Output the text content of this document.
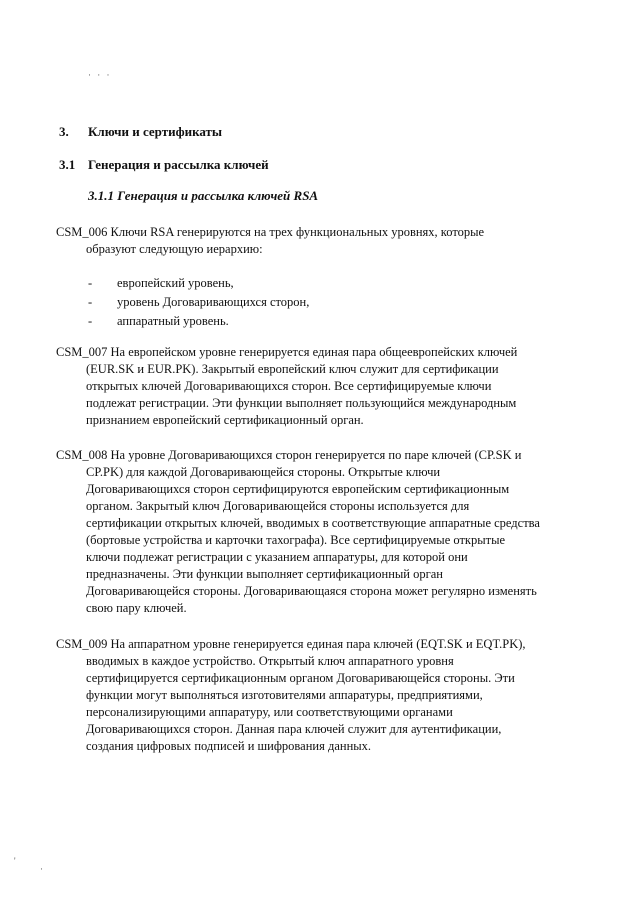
· · ·
3. Ключи и сертификаты
3.1 Генерация и рассылка ключей
3.1.1 Генерация и рассылка ключей RSA
CSM_006 Ключи RSA генерируются на трех функциональных уровнях, которые
образуют следующую иерархию:
- европейский уровень,
- уровень Договаривающихся сторон,
- аппаратный уровень.
CSM_007 На европейском уровне генерируется единая пара общеевропейских ключей
(EUR.SK и EUR.PK). Закрытый европейский ключ служит для сертификации
открытых ключей Договаривающихся сторон. Все сертифицируемые ключи
подлежат регистрации. Эти функции выполняет пользующийся международным
признанием европейский сертификационный орган.
CSM_008 На уровне Договаривающихся сторон генерируется по паре ключей (CP.SK и
CP.PK) для каждой Договаривающейся стороны. Открытые ключи
Договаривающихся сторон сертифицируются европейским сертификационным
органом. Закрытый ключ Договаривающейся стороны используется для
сертификации открытых ключей, вводимых в соответствующие аппаратные средства
(бортовые устройства и карточки тахографа). Все сертифицируемые открытые
ключи подлежат регистрации с указанием аппаратуры, для которой они
предназначены. Эти функции выполняет сертификационный орган
Договаривающейся стороны. Договаривающаяся сторона может регулярно изменять
свою пару ключей.
CSM_009 На аппаратном уровне генерируется единая пара ключей (EQT.SK и EQT.PK),
вводимых в каждое устройство. Открытый ключ аппаратного уровня
сертифицируется сертификационным органом Договаривающейся стороны. Эти
функции могут выполняться изготовителями аппаратуры, предприятиями,
персонализирующими аппаратуру, или соответствующими органами
Договаривающихся сторон. Данная пара ключей служит для аутентификации,
создания цифровых подписей и шифрования данных.
'
·
